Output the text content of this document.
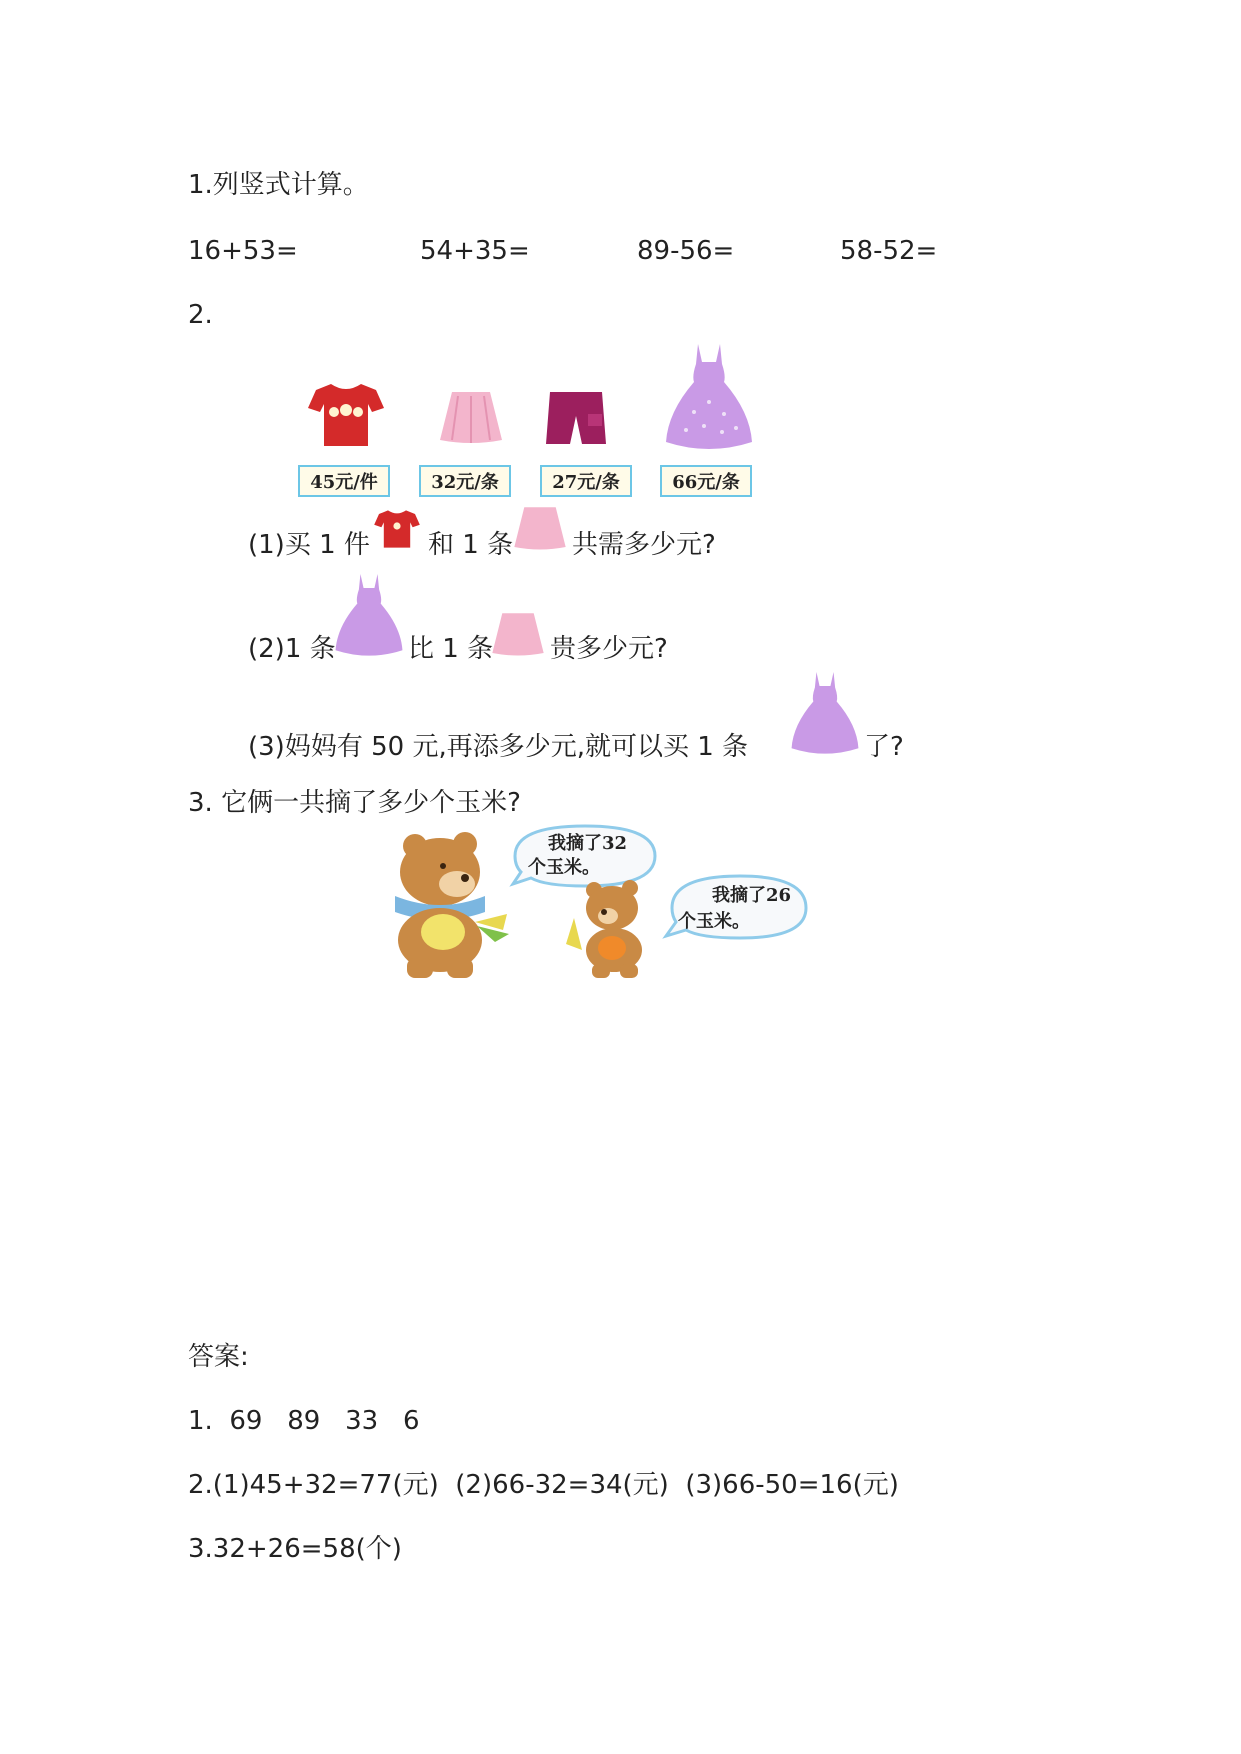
1.列竖式计算。
16+53=	54+35=	89-56=	58-52=
2.
45元/件	32元/条	27元/条	66元/条
(1)买 1 件 和 1 条 共需多少元?
(2)1 条	比 1 条 贵多少元?
(3)妈妈有 50 元,再添多少元,就可以买 1 条	了?
3. 它俩一共摘了多少个玉米?
我摘了32
个玉米。
我摘了26
个玉米。
答案:
1.  69   89   33   6
2.(1)45+32=77(元)  (2)66-32=34(元)  (3)66-50=16(元)
3.32+26=58(个)
